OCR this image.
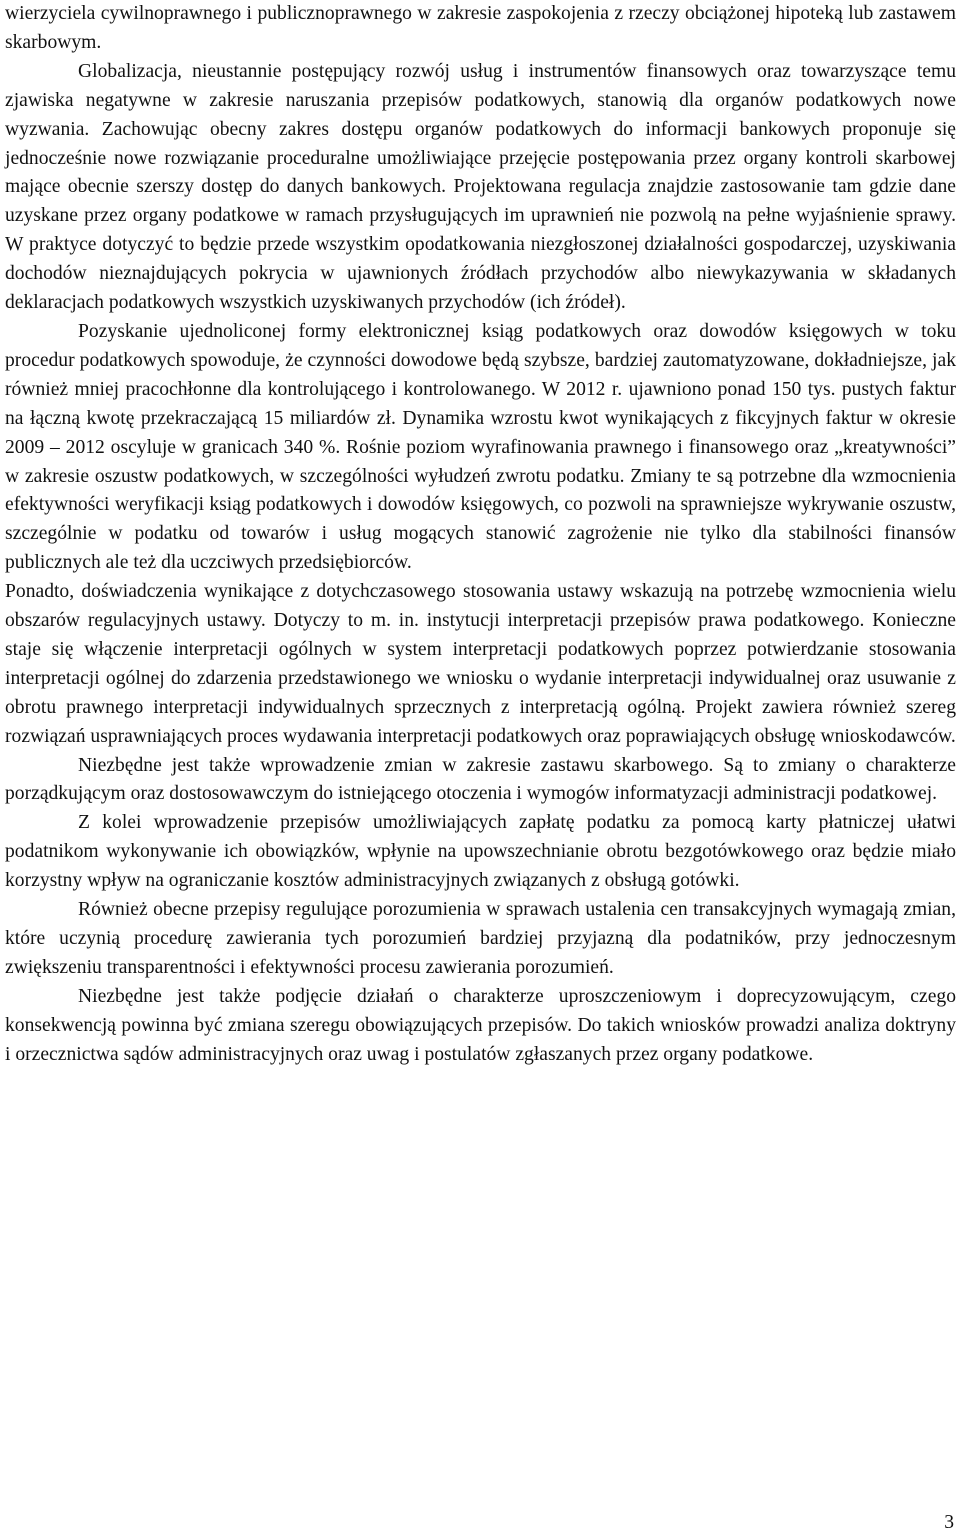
wierzyciela cywilnoprawnego i publicznoprawnego w zakresie zaspokojenia z rzeczy obciążonej hipoteką lub zastawem skarbowym.

Globalizacja, nieustannie postępujący rozwój usług i instrumentów finansowych oraz towarzyszące temu zjawiska negatywne w zakresie naruszania przepisów podatkowych, stanowią dla organów podatkowych nowe wyzwania. Zachowując obecny zakres dostępu organów podatkowych do informacji bankowych proponuje się jednocześnie nowe rozwiązanie proceduralne umożliwiające przejęcie postępowania przez organy kontroli skarbowej mające obecnie szerszy dostęp do danych bankowych. Projektowana regulacja znajdzie zastosowanie tam gdzie dane uzyskane przez organy podatkowe w ramach przysługujących im uprawnień nie pozwolą na pełne wyjaśnienie sprawy. W praktyce dotyczyć to będzie przede wszystkim opodatkowania niezgłoszonej działalności gospodarczej, uzyskiwania dochodów nieznajdujących pokrycia w ujawnionych źródłach przychodów albo niewykazywania w składanych deklaracjach podatkowych wszystkich uzyskiwanych przychodów (ich źródeł).

Pozyskanie ujednoliconej formy elektronicznej ksiąg podatkowych oraz dowodów księgowych w toku procedur podatkowych spowoduje, że czynności dowodowe będą szybsze, bardziej zautomatyzowane, dokładniejsze, jak również mniej pracochłonne dla kontrolującego i kontrolowanego. W 2012 r. ujawniono ponad 150 tys. pustych faktur na łączną kwotę przekraczającą 15 miliardów zł. Dynamika wzrostu kwot wynikających z fikcyjnych faktur w okresie 2009 – 2012 oscyluje w granicach 340 %. Rośnie poziom wyrafinowania prawnego i finansowego oraz „kreatywności” w zakresie oszustw podatkowych, w szczególności wyłudzeń zwrotu podatku. Zmiany te są potrzebne dla wzmocnienia efektywności weryfikacji ksiąg podatkowych i dowodów księgowych, co pozwoli na sprawniejsze wykrywanie oszustw, szczególnie w podatku od towarów i usług mogących stanowić zagrożenie nie tylko dla stabilności finansów publicznych ale też dla uczciwych przedsiębiorców.

Ponadto, doświadczenia wynikające z dotychczasowego stosowania ustawy wskazują na potrzebę wzmocnienia wielu obszarów regulacyjnych ustawy. Dotyczy to m. in. instytucji interpretacji przepisów prawa podatkowego. Konieczne staje się włączenie interpretacji ogólnych w system interpretacji podatkowych poprzez potwierdzanie stosowania interpretacji ogólnej do zdarzenia przedstawionego we wniosku o wydanie interpretacji indywidualnej oraz usuwanie z obrotu prawnego interpretacji indywidualnych sprzecznych z interpretacją ogólną. Projekt zawiera również szereg rozwiązań usprawniających proces wydawania interpretacji podatkowych oraz poprawiających obsługę wnioskodawców.

Niezbędne jest także wprowadzenie zmian w zakresie zastawu skarbowego. Są to zmiany o charakterze porządkującym oraz dostosowawczym do istniejącego otoczenia i wymogów informatyzacji administracji podatkowej.

Z kolei wprowadzenie przepisów umożliwiających zapłatę podatku za pomocą karty płatniczej ułatwi podatnikom wykonywanie ich obowiązków, wpłynie na upowszechnianie obrotu bezgotówkowego oraz będzie miało korzystny wpływ na ograniczanie kosztów administracyjnych związanych z obsługą gotówki.

Również obecne przepisy regulujące porozumienia w sprawach ustalenia cen transakcyjnych wymagają zmian, które uczynią procedurę zawierania tych porozumień bardziej przyjazną dla podatników, przy jednoczesnym zwiększeniu transparentności i efektywności procesu zawierania porozumień.

Niezbędne jest także podjęcie działań o charakterze uproszczeniowym i doprecyzowującym, czego konsekwencją powinna być zmiana szeregu obowiązujących przepisów. Do takich wniosków prowadzi analiza doktryny i orzecznictwa sądów administracyjnych oraz uwag i postulatów zgłaszanych przez organy podatkowe.

3
